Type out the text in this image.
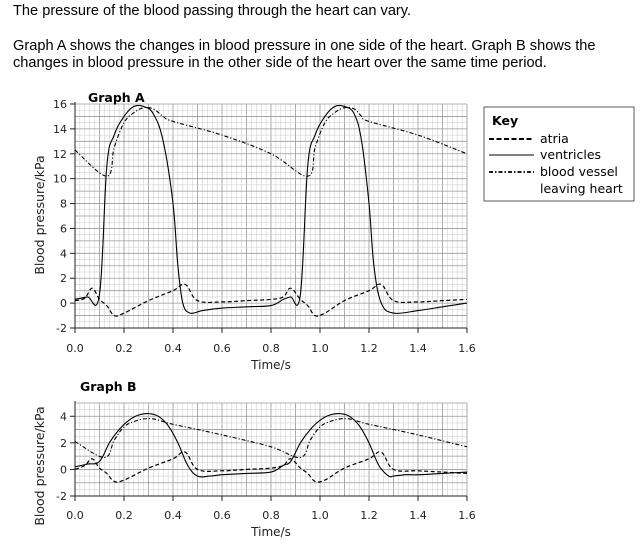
The pressure of the blood passing through the heart can vary.

Graph A shows the changes in blood pressure in one side of the heart. Graph B shows the changes in blood pressure in the other side of the heart over the same time period.

0.0	0.2	0.4	0.6	0.8	1.0	1.2	1.4	1.6
-2
0
2
4
6
8
10
12
14
16 Graph A
Time/s
Blood pressure/kPa
0.0	0.2	0.4	0.6	0.8	1.0	1.2	1.4	1.6
-2
0
2
4
Graph B
Time/s
Blood pressure/kPa
Key
atria
ventricles
blood vessel
leaving heart
